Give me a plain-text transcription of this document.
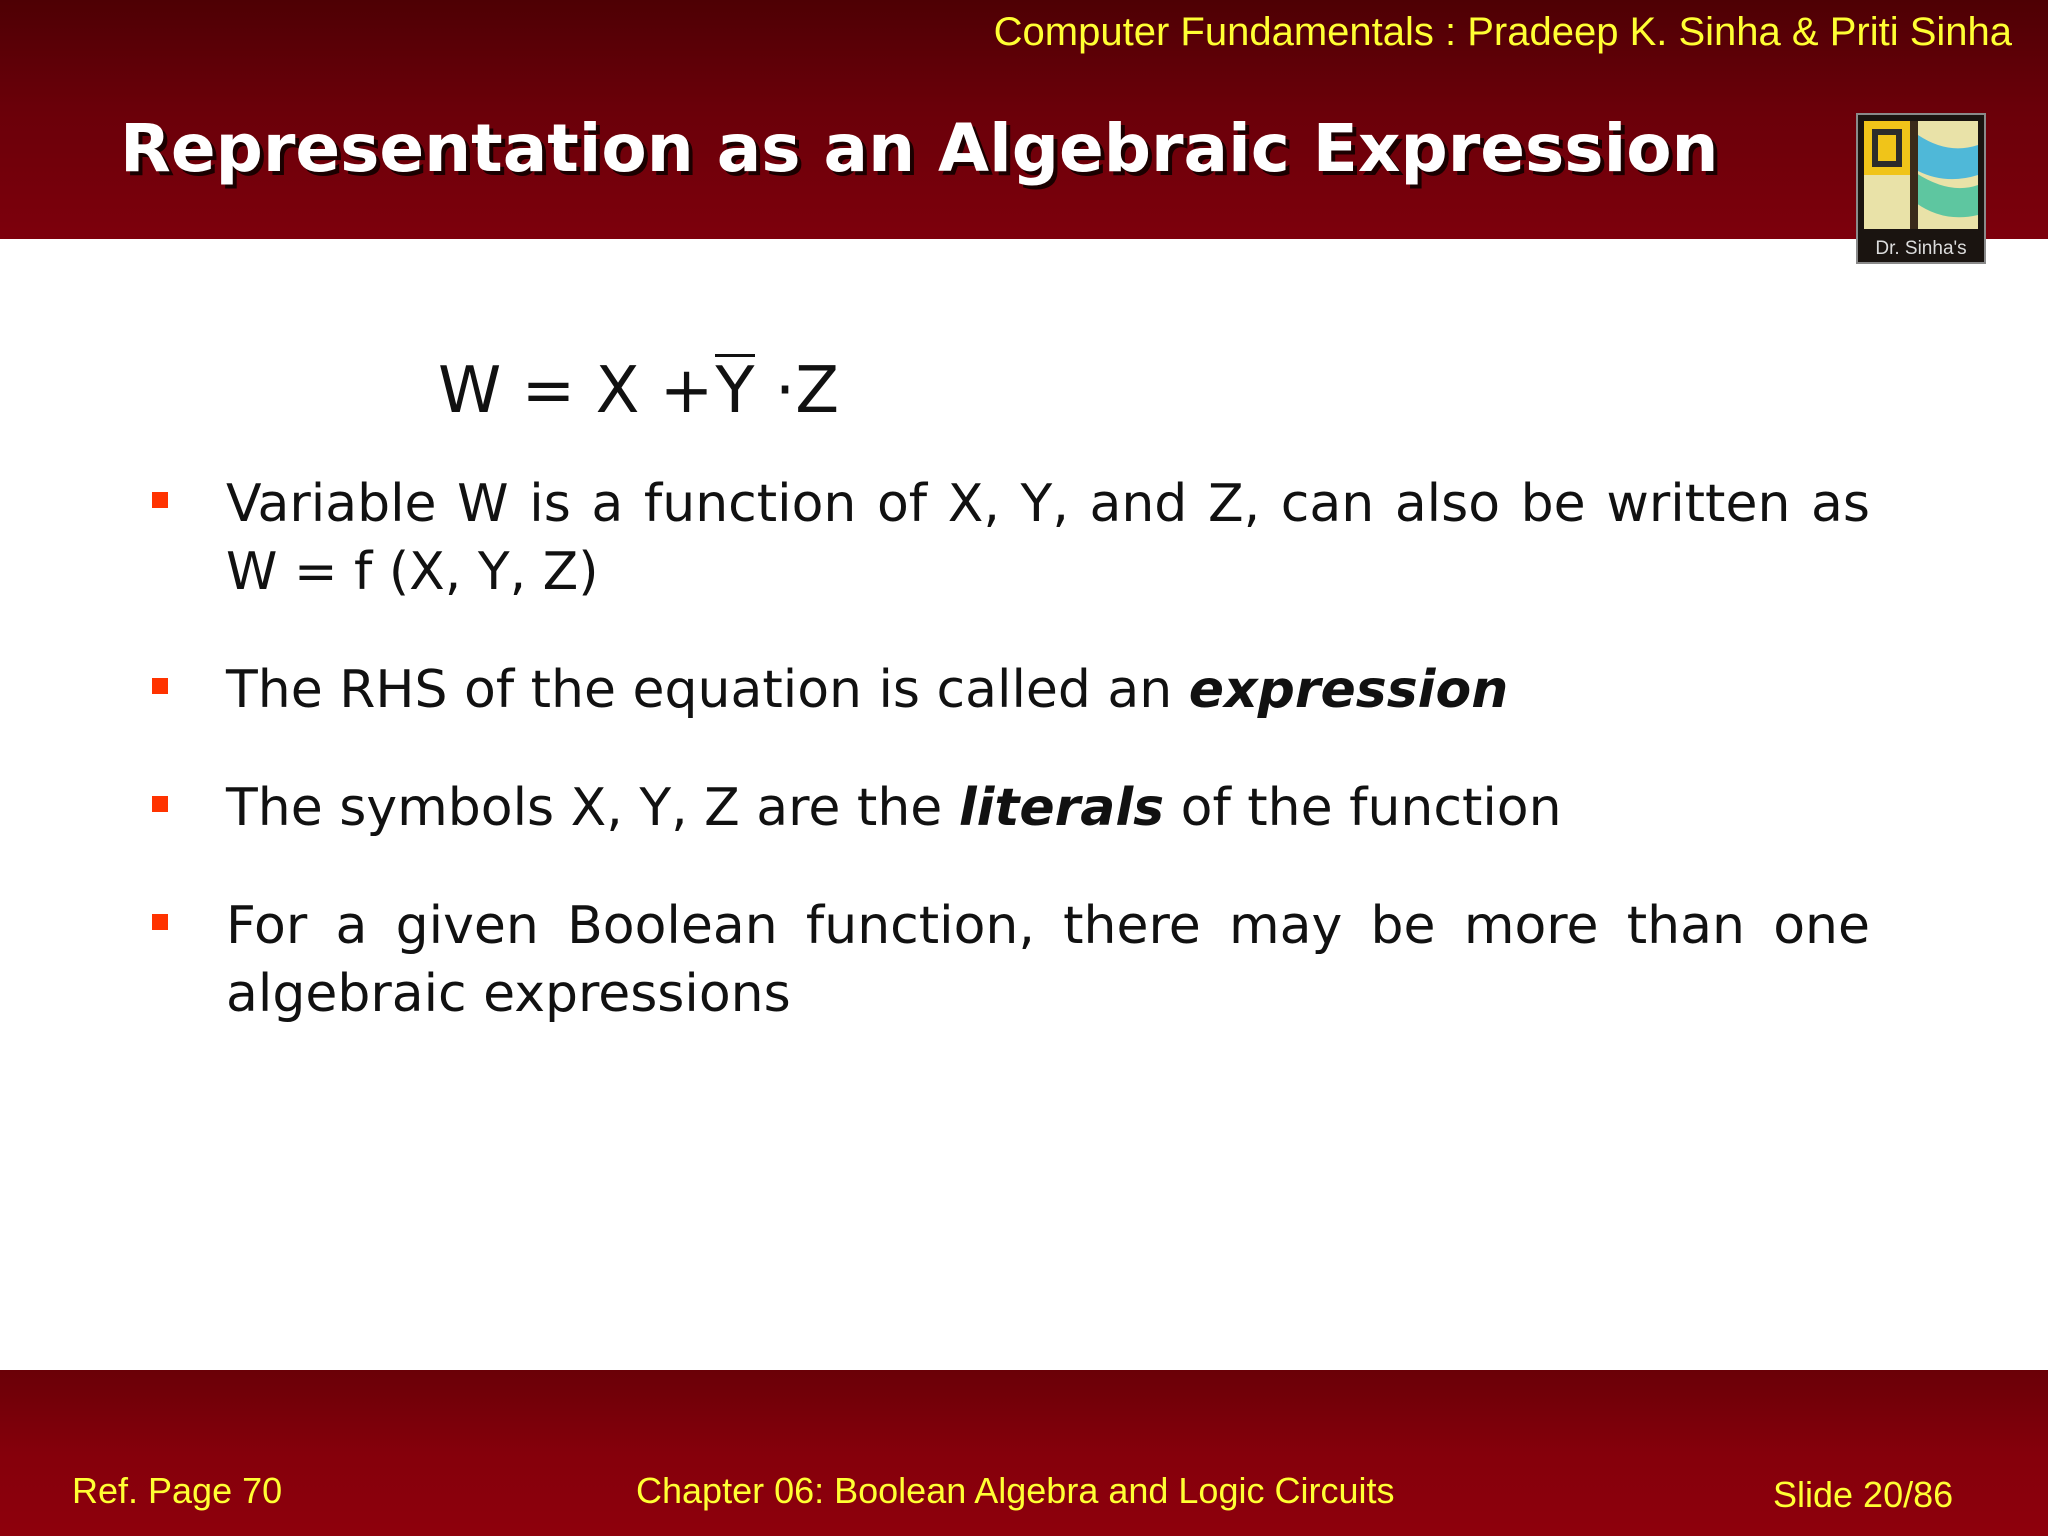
Computer Fundamentals : Pradeep K. Sinha & Priti Sinha
Representation as an Algebraic Expression
Dr. Sinha's
W = X +Y ·Z
Variable W is a function of X, Y, and Z, can also be written as W = f (X, Y, Z)
The RHS of the equation is called an expression
The symbols X, Y, Z are the literals of the function
For a given Boolean function, there may be more than one algebraic expressions
Ref. Page 70	Chapter 06: Boolean Algebra and Logic Circuits	Slide 20/86
